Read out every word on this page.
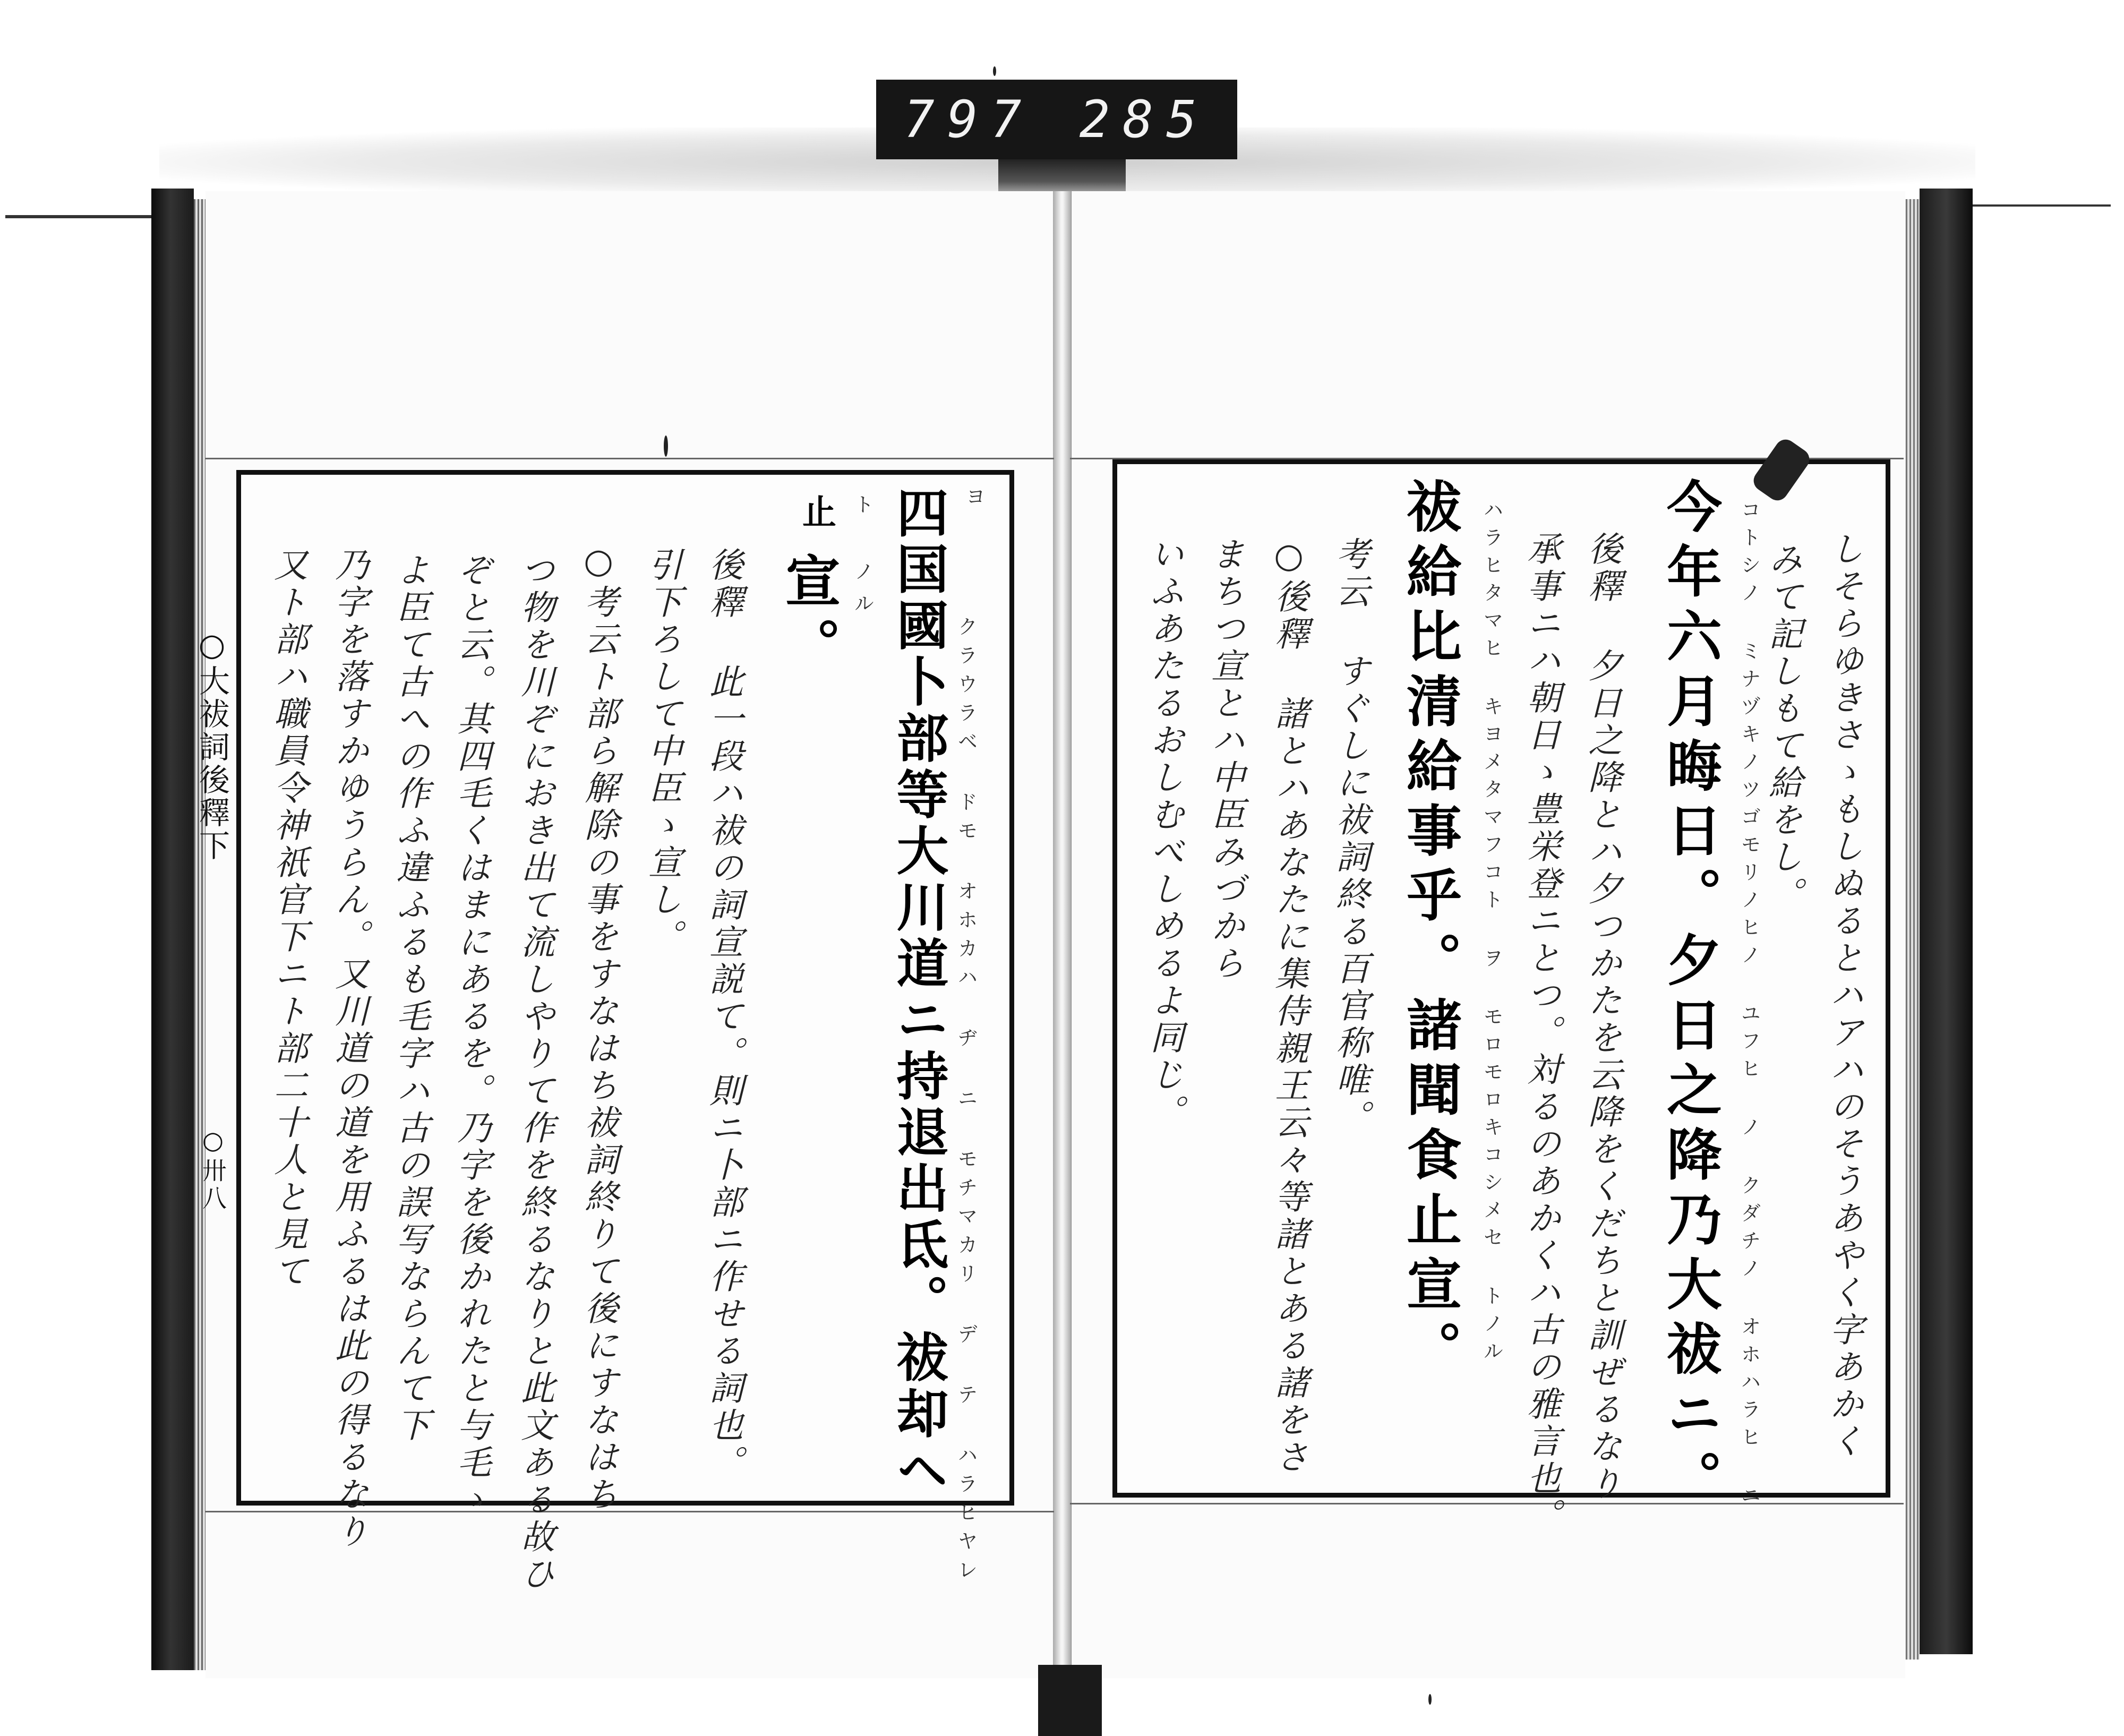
797 285
○大祓詞後釋下
○卅八
ヨ
止 ト ノル
宣。 四国國卜部等大川道ニ持退出氐。祓却ヘ クラウラベ ドモ オホカハ ヂ ニ モチマカリ デ テ ハラヒヤレ
後釋 此一段ハ祓の詞宣説て。則ニ卜部ニ作せる詞也。
引下ろして中臣ゝ宣し。
○考云ト部ら解除の事をすなはち祓詞終りて後にすなはち
つ物を川ぞにおき出て流しやりて作を終るなりと此文ある故ひ
ぞと云。其四毛くはまにあるを。乃字を後かれたと与毛ゝ
よ臣て古への作ふ違ふるも毛字ハ古の誤写ならんて下
乃字を落すかゆうらん。又川道の道を用ふるは此の得るなり
又ト部ハ職員令神祇官下ニト部二十人と見て	しそらゆきさゝもしぬるとハアハのそうあやく字あかく
みて記しもて給をし。
コトシノ ミナヅキノツゴモリノヒノ ユフヒ ノ クダチノ オホハラヒ ニ
今年六月晦日。夕日之降乃大祓ニ。
後釋 夕日之降とハ夕つかたを云降をくだちと訓ぜるなり
承事ニハ朝日ゝ豊栄登ニとつ。対るのあかくハ古の雅言也。
ハラヒタマヒ キヨメタマフコト ヲ モロモロキコシメセ トノル
祓給比清給事乎。諸聞食止宣。
考云 すぐしに祓詞終る百官称唯。
○後釋 諸とハあなたに集侍親王云々等諸とある諸をさ
まちつ宣とハ中臣みづから
いふあたるおしむべしめるよ同じ。
